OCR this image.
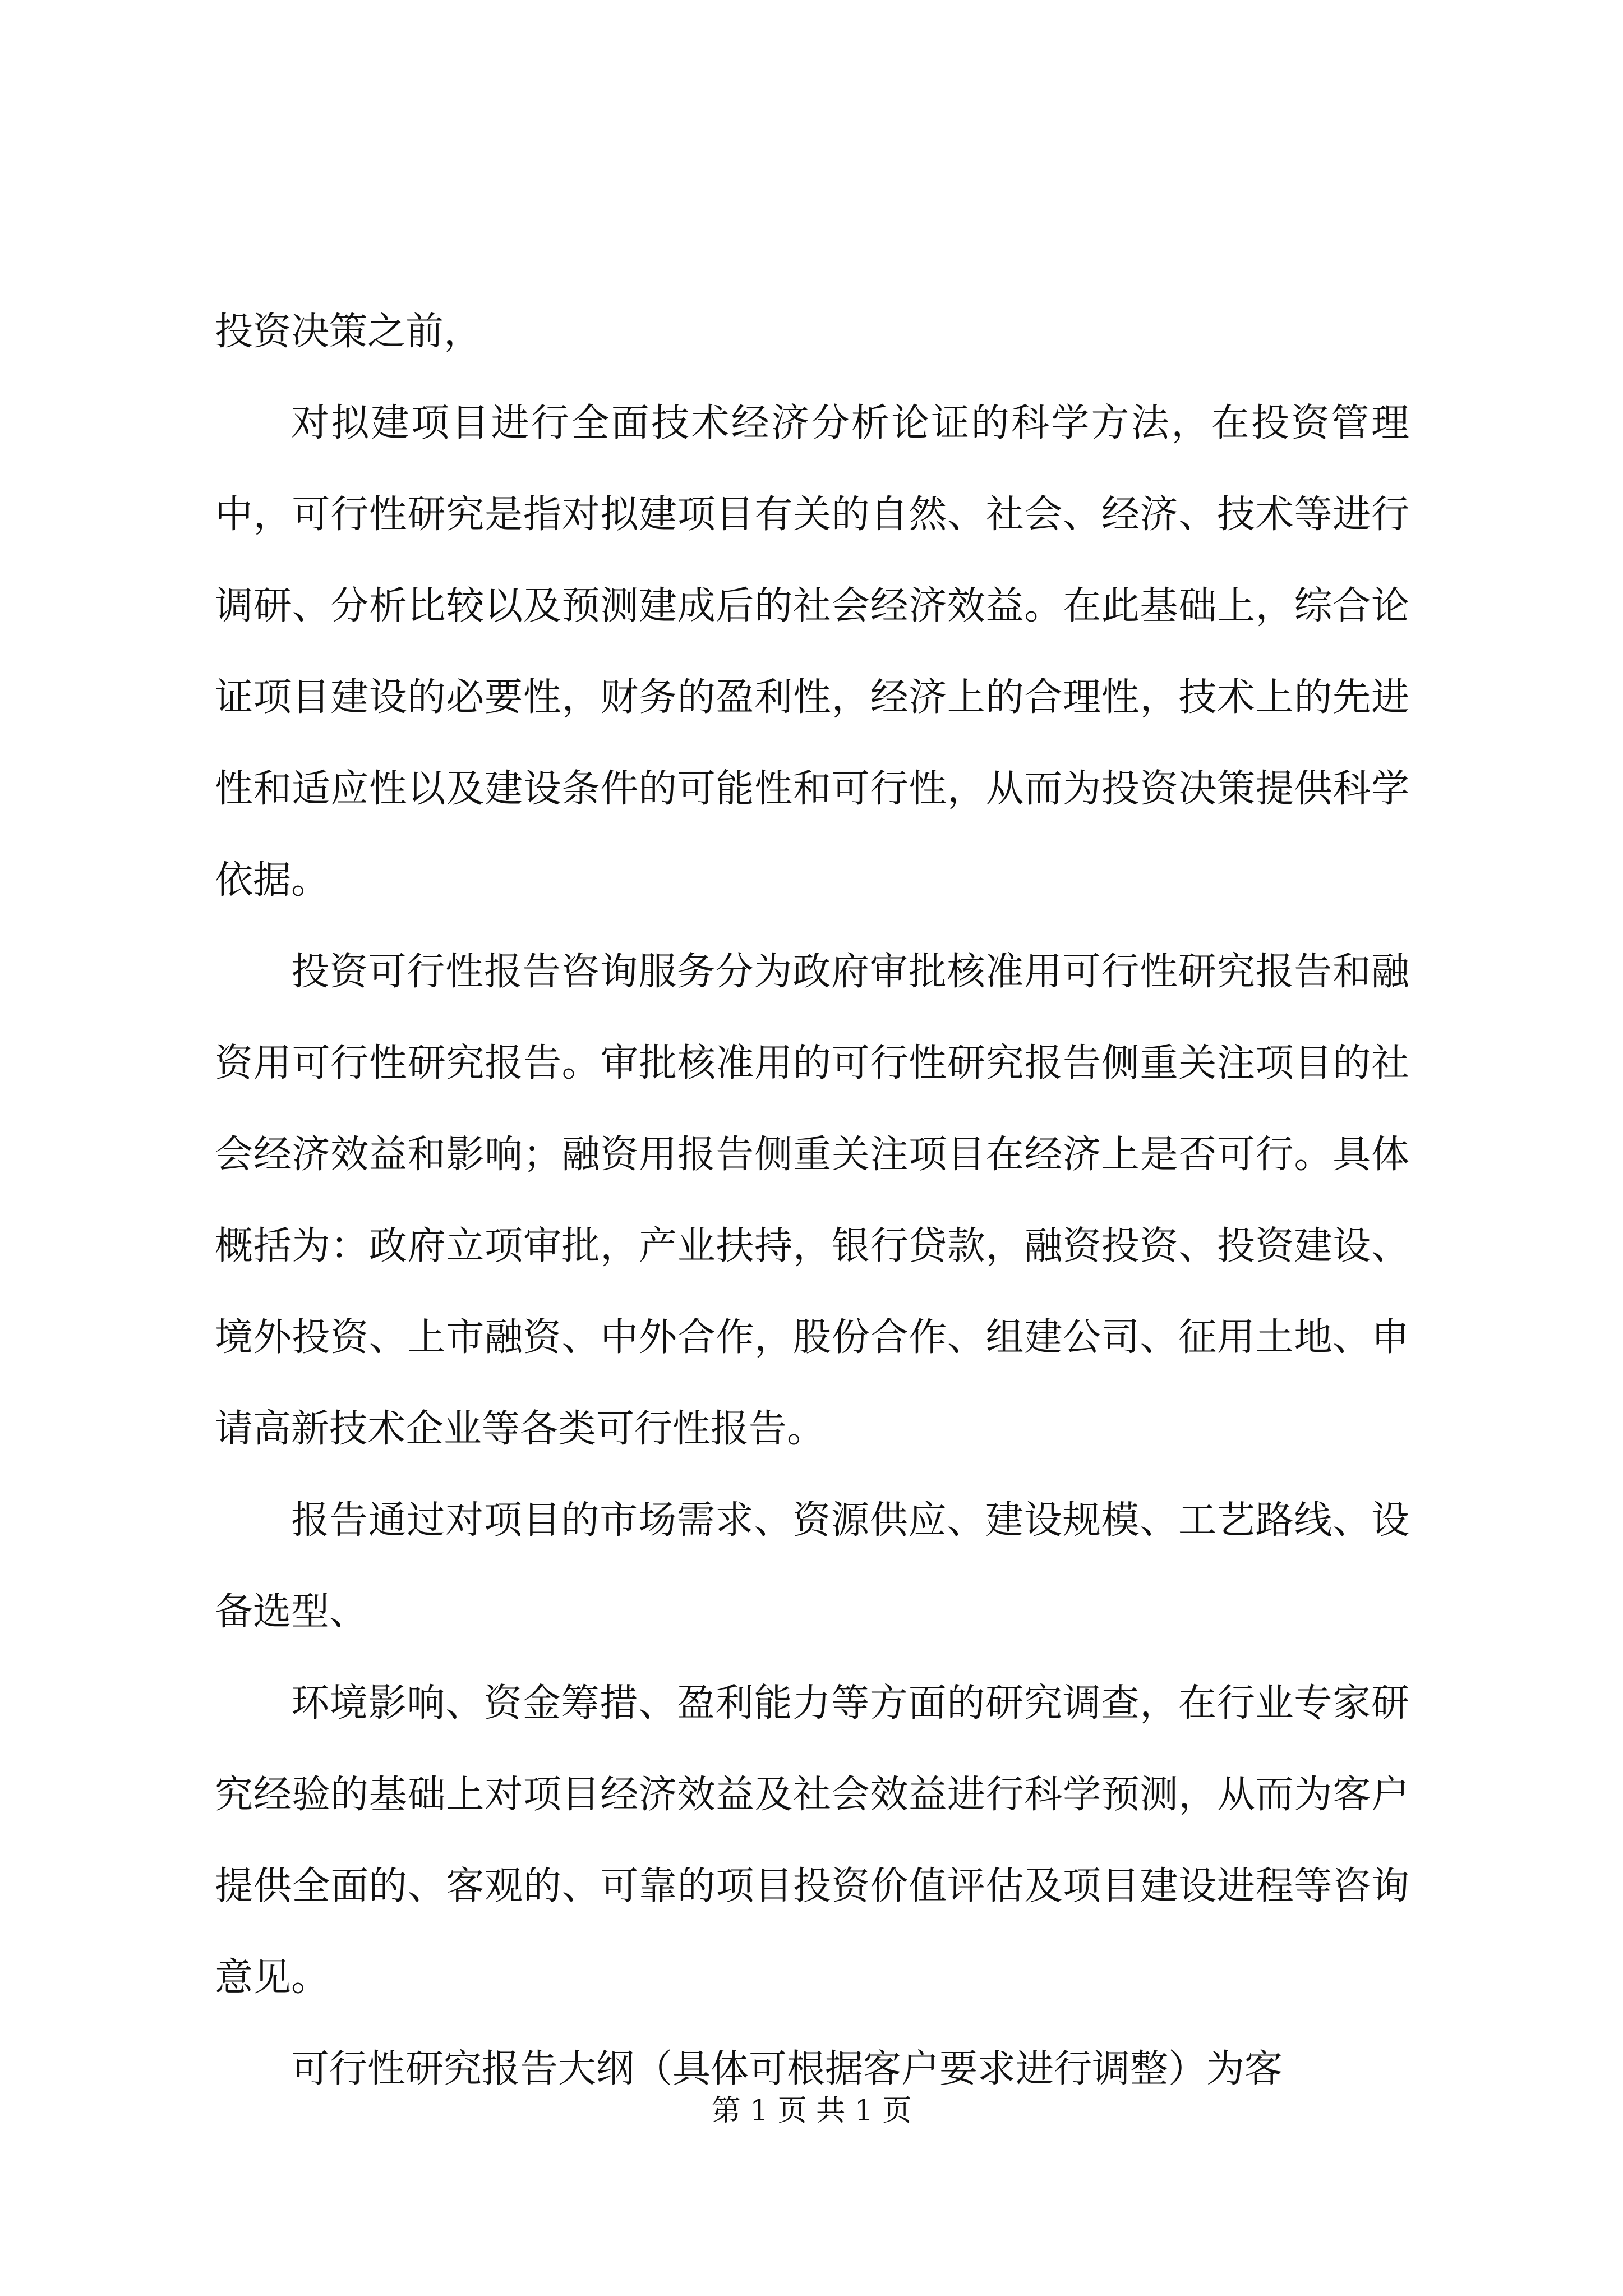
投资决策之前，

对拟建项目进行全面技术经济分析论证的科学方法，在投资管理中，可行性研究是指对拟建项目有关的自然、社会、经济、技术等进行调研、分析比较以及预测建成后的社会经济效益。在此基础上，综合论证项目建设的必要性，财务的盈利性，经济上的合理性，技术上的先进性和适应性以及建设条件的可能性和可行性，从而为投资决策提供科学依据。

投资可行性报告咨询服务分为政府审批核准用可行性研究报告和融资用可行性研究报告。审批核准用的可行性研究报告侧重关注项目的社会经济效益和影响；融资用报告侧重关注项目在经济上是否可行。具体概括为：政府立项审批，产业扶持，银行贷款，融资投资、投资建设、境外投资、上市融资、中外合作，股份合作、组建公司、征用土地、申请高新技术企业等各类可行性报告。

报告通过对项目的市场需求、资源供应、建设规模、工艺路线、设备选型、

环境影响、资金筹措、盈利能力等方面的研究调查，在行业专家研究经验的基础上对项目经济效益及社会效益进行科学预测，从而为客户提供全面的、客观的、可靠的项目投资价值评估及项目建设进程等咨询意见。

可行性研究报告大纲（具体可根据客户要求进行调整）为客

第 1 页 共 1 页
